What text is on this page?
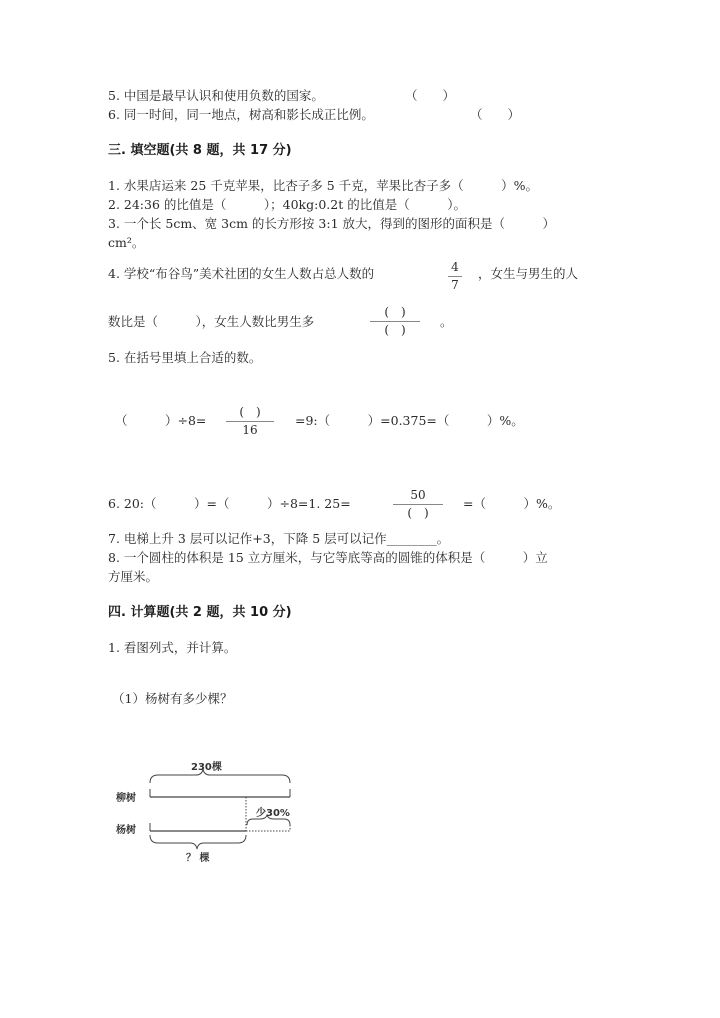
5. 中国是最早认识和使用负数的国家。	（　　）
6. 同一时间，同一地点，树高和影长成正比例。	（　　）
三. 填空题(共 8 题，共 17 分)
1. 水果店运来 25 千克苹果，比杏子多 5 千克，苹果比杏子多（　　　）%。
2. 24:36 的比值是（　　　）；40kg:0.2t 的比值是（　　　）。
3. 一个长 5cm、宽 3cm 的长方形按 3:1 放大，得到的图形的面积是（　　　）
cm²。
4. 学校“布谷鸟”美术社团的女生人数占总人数的	4
7
，女生与男生的人
数比是（　　　），女生人数比男生多
(　)
(　)
。
5. 在括号里填上合适的数。
（　　　）÷8=
(　)
16
=9:（　　　）=0.375=（　　　）%。
6. 20:（　　　）=（　　　）÷8=1. 25=
50
(　)
=（　　　）%。
7. 电梯上升 3 层可以记作+3，下降 5 层可以记作________。
8. 一个圆柱的体积是 15 立方厘米，与它等底等高的圆锥的体积是（　　　）立
方厘米。
四. 计算题(共 2 题，共 10 分)
1. 看图列式，并计算。
（1）杨树有多少棵？
230棵
柳树
杨树
少30%
？ 棵
